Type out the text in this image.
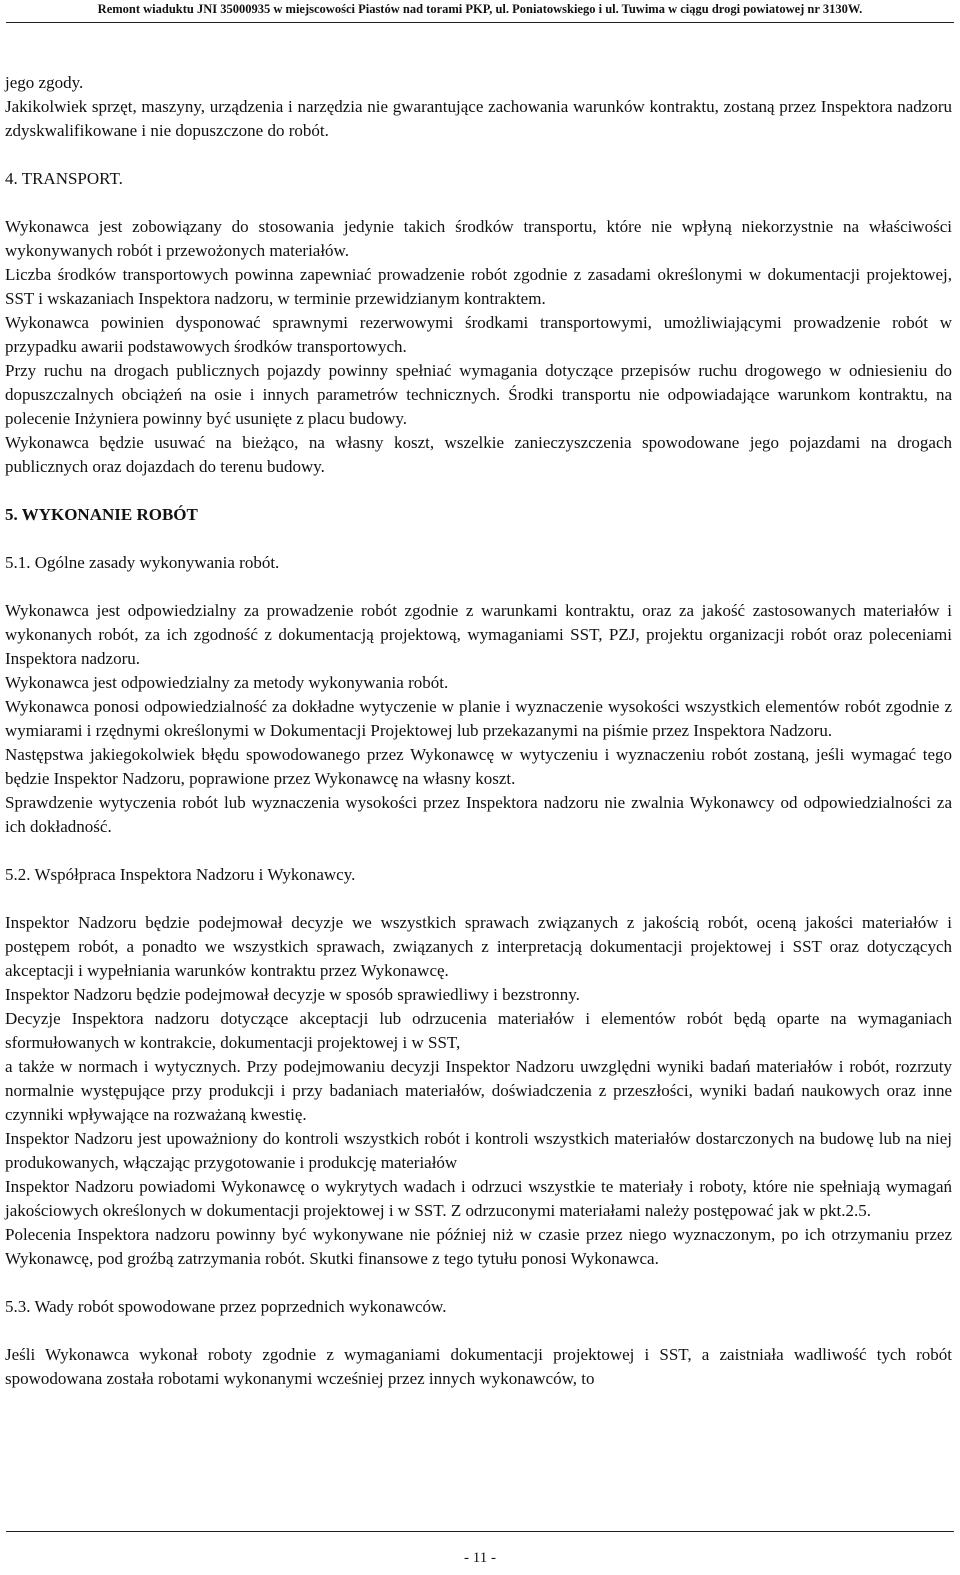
Remont wiaduktu JNI 35000935 w miejscowości Piastów nad torami PKP, ul. Poniatowskiego i ul. Tuwima w ciągu drogi powiatowej nr 3130W.

jego zgody.

Jakikolwiek sprzęt, maszyny, urządzenia i narzędzia nie gwarantujące zachowania warunków kontraktu, zostaną przez Inspektora nadzoru zdyskwalifikowane i nie dopuszczone do robót.

4. TRANSPORT.

Wykonawca jest zobowiązany do stosowania jedynie takich środków transportu, które nie wpłyną niekorzystnie na właściwości wykonywanych robót i przewożonych materiałów.

Liczba środków transportowych powinna zapewniać prowadzenie robót zgodnie z zasadami określonymi w dokumentacji projektowej, SST i wskazaniach Inspektora nadzoru, w terminie przewidzianym kontraktem.

Wykonawca powinien dysponować sprawnymi rezerwowymi środkami transportowymi, umożliwiającymi prowadzenie robót w przypadku awarii podstawowych środków transportowych.

Przy ruchu na drogach publicznych pojazdy powinny spełniać wymagania dotyczące przepisów ruchu drogowego w odniesieniu do dopuszczalnych obciążeń na osie i innych parametrów technicznych. Środki transportu nie odpowiadające warunkom kontraktu, na polecenie Inżyniera powinny być usunięte z placu budowy.

Wykonawca będzie usuwać na bieżąco, na własny koszt, wszelkie zanieczyszczenia spowodowane jego pojazdami na drogach publicznych oraz dojazdach do terenu budowy.

5. WYKONANIE ROBÓT

5.1. Ogólne zasady wykonywania robót.

Wykonawca jest odpowiedzialny za prowadzenie robót zgodnie z warunkami kontraktu, oraz za jakość zastosowanych materiałów i wykonanych robót, za ich zgodność z dokumentacją projektową, wymaganiami SST, PZJ, projektu organizacji robót oraz poleceniami Inspektora nadzoru.

Wykonawca jest odpowiedzialny za metody wykonywania robót.

Wykonawca ponosi odpowiedzialność za dokładne wytyczenie w planie i wyznaczenie wysokości wszystkich elementów robót zgodnie z wymiarami i rzędnymi określonymi w Dokumentacji Projektowej lub przekazanymi na piśmie przez Inspektora Nadzoru.

Następstwa jakiegokolwiek błędu spowodowanego przez Wykonawcę w wytyczeniu i wyznaczeniu robót zostaną, jeśli wymagać tego będzie Inspektor Nadzoru, poprawione przez Wykonawcę na własny koszt.

Sprawdzenie wytyczenia robót lub wyznaczenia wysokości przez Inspektora nadzoru nie zwalnia Wykonawcy od odpowiedzialności za ich dokładność.

5.2. Współpraca Inspektora Nadzoru i Wykonawcy.

Inspektor Nadzoru będzie podejmował decyzje we wszystkich sprawach związanych z jakością robót, oceną jakości materiałów i postępem robót, a ponadto we wszystkich sprawach, związanych z interpretacją dokumentacji projektowej i SST oraz dotyczących akceptacji i wypełniania warunków kontraktu przez Wykonawcę.

Inspektor Nadzoru będzie podejmował decyzje w sposób sprawiedliwy i bezstronny.

Decyzje Inspektora nadzoru dotyczące akceptacji lub odrzucenia materiałów i elementów robót będą oparte na wymaganiach sformułowanych w kontrakcie, dokumentacji projektowej i w SST,

a także w normach i wytycznych. Przy podejmowaniu decyzji Inspektor Nadzoru uwzględni wyniki badań materiałów i robót, rozrzuty normalnie występujące przy produkcji i przy badaniach materiałów, doświadczenia z przeszłości, wyniki badań naukowych oraz inne czynniki wpływające na rozważaną kwestię.

Inspektor Nadzoru jest upoważniony do kontroli wszystkich robót i kontroli wszystkich materiałów dostarczonych na budowę lub na niej produkowanych, włączając przygotowanie i produkcję materiałów

Inspektor Nadzoru powiadomi Wykonawcę o wykrytych wadach i odrzuci wszystkie te materiały i roboty, które nie spełniają wymagań jakościowych określonych w dokumentacji projektowej i w SST. Z odrzuconymi materiałami należy postępować jak w pkt.2.5.

Polecenia Inspektora nadzoru powinny być wykonywane nie później niż w czasie przez niego wyznaczonym, po ich otrzymaniu przez Wykonawcę, pod groźbą zatrzymania robót. Skutki finansowe z tego tytułu ponosi Wykonawca.

5.3. Wady robót spowodowane przez poprzednich wykonawców.

Jeśli Wykonawca wykonał roboty zgodnie z wymaganiami dokumentacji projektowej i SST, a zaistniała wadliwość tych robót spowodowana została robotami wykonanymi wcześniej przez innych wykonawców, to

- 11 -
